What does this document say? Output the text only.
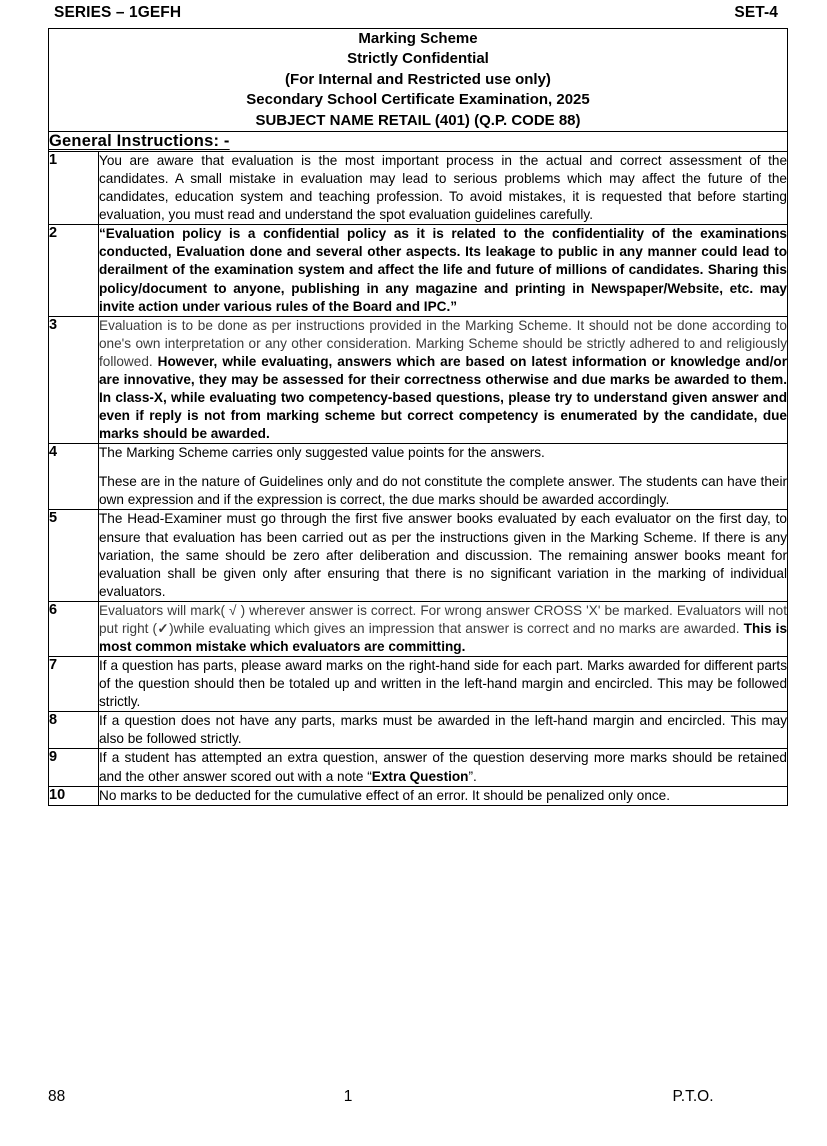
SERIES – 1GEFH	SET-4
Marking Scheme
Strictly Confidential
(For Internal and Restricted use only)
Secondary School Certificate Examination, 2025
SUBJECT NAME RETAIL (401) (Q.P. CODE 88)	

General Instructions: -	
1	You are aware that evaluation is the most important process in the actual and correct assessment of the candidates. A small mistake in evaluation may lead to serious problems which may affect the future of the candidates, education system and teaching profession. To avoid mistakes, it is requested that before starting evaluation, you must read and understand the spot evaluation guidelines carefully.

2	“Evaluation policy is a confidential policy as it is related to the confidentiality of the examinations conducted, Evaluation done and several other aspects. Its leakage to public in any manner could lead to derailment of the examination system and affect the life and future of millions of candidates. Sharing this policy/document to anyone, publishing in any magazine and printing in Newspaper/Website, etc. may invite action under various rules of the Board and IPC.”

3	Evaluation is to be done as per instructions provided in the Marking Scheme. It should not be done according to one's own interpretation or any other consideration. Marking Scheme should be strictly adhered to and religiously followed. However, while evaluating, answers which are based on latest information or knowledge and/or are innovative, they may be assessed for their correctness otherwise and due marks be awarded to them. In class-X, while evaluating two competency-based questions, please try to understand given answer and even if reply is not from marking scheme but correct competency is enumerated by the candidate, due marks should be awarded.

4	The Marking Scheme carries only suggested value points for the answers.

These are in the nature of Guidelines only and do not constitute the complete answer. The students can have their own expression and if the expression is correct, the due marks should be awarded accordingly.

5	The Head-Examiner must go through the first five answer books evaluated by each evaluator on the first day, to ensure that evaluation has been carried out as per the instructions given in the Marking Scheme. If there is any variation, the same should be zero after deliberation and discussion. The remaining answer books meant for evaluation shall be given only after ensuring that there is no significant variation in the marking of individual evaluators.

6	Evaluators will mark( √ ) wherever answer is correct. For wrong answer CROSS 'X' be marked. Evaluators will not put right (✓)while evaluating which gives an impression that answer is correct and no marks are awarded. This is most common mistake which evaluators are committing.

7	If a question has parts, please award marks on the right-hand side for each part. Marks awarded for different parts of the question should then be totaled up and written in the left-hand margin and encircled. This may be followed strictly.

8	If a question does not have any parts, marks must be awarded in the left-hand margin and encircled. This may also be followed strictly.

9	If a student has attempted an extra question, answer of the question deserving more marks should be retained and the other answer scored out with a note “Extra Question”.

10	No marks to be deducted for the cumulative effect of an error. It should be penalized only once.

88	1	P.T.O.
